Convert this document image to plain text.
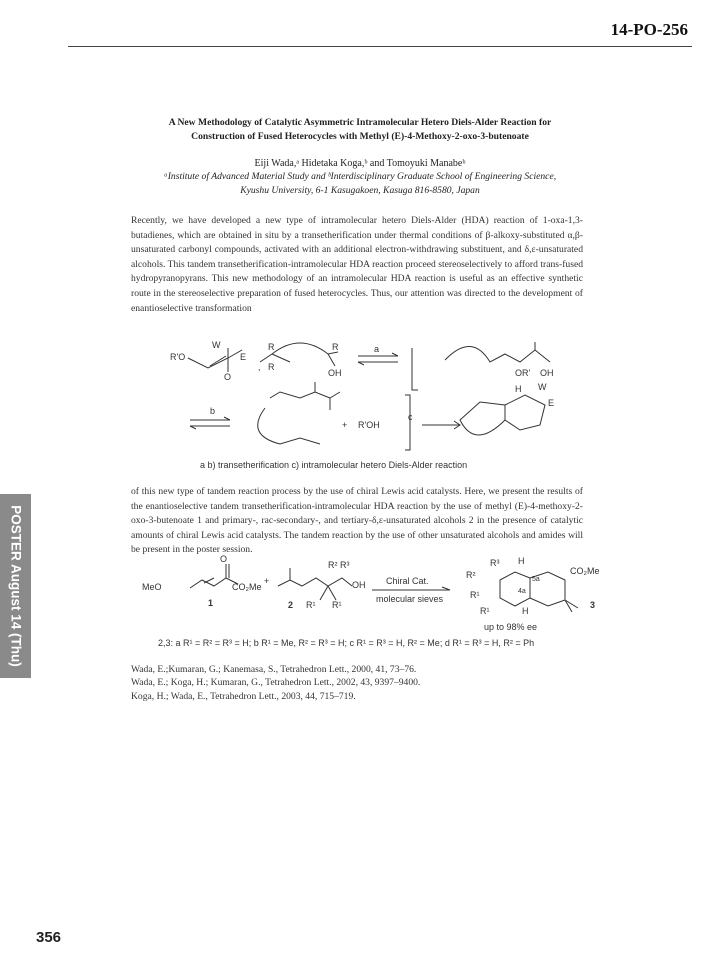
14-PO-256
A New Methodology of Catalytic Asymmetric Intramolecular Hetero Diels-Alder Reaction for
Construction of Fused Heterocycles with Methyl (E)-4-Methoxy-2-oxo-3-butenoate
Eiji Wada,ᵃ Hidetaka Koga,ᵇ and Tomoyuki Manabeᵇ
ᵃInstitute of Advanced Material Study and ᵇInterdisciplinary Graduate School of Engineering Science,
Kyushu University, 6-1 Kasugakoen, Kasuga 816-8580, Japan
Recently, we have developed a new type of intramolecular hetero Diels-Alder (HDA) reaction of 1-oxa-1,3-butadienes, which are obtained in situ by a transetherification under thermal conditions of β-alkoxy-substituted α,β-unsaturated carbonyl compounds, activated with an additional electron-withdrawing substituent, and δ,ε-unsaturated alcohols. This tandem transetherification-intramolecular HDA reaction proceed stereoselectively to afford trans-fused hydropyranopyrans. This new methodology of an intramolecular HDA reaction is useful as an effective synthetic route in the stereoselective preparation of fused heterocycles. Thus, our attention was directed to the development of enantioselective transformation
W
R'O	E
O
,
R
R
R
OH
a
OR' OH
b
+ R'OH
c
H W
E
a b) transetherification c) intramolecular hetero Diels-Alder reaction
of this new type of tandem reaction process by the use of chiral Lewis acid catalysts. Here, we present the results of the enantioselective tandem transetherification-intramolecular HDA reaction by the use of methyl (E)-4-methoxy-2-oxo-3-butenoate 1 and primary-, rac-secondary-, and tertiary-δ,ε-unsaturated alcohols 2 in the presence of catalytic amounts of chiral Lewis acid catalysts. The tandem reaction by the use of other unsaturated alcohols and amides will be present in the poster session.
MeO
O
CO₂Me
1
+
R² R³
OH
2 R¹ R¹
Chiral Cat.
molecular sieves
R³
R²
H
CO₂Me
5a
4a
R¹
R¹	H
3
up to 98% ee
2,3: a R¹ = R² = R³ = H; b R¹ = Me, R² = R³ = H; c R¹ = R³ = H, R² = Me; d R¹ = R³ = H, R² = Ph
Wada, E.;Kumaran, G.; Kanemasa, S., Tetrahedron Lett., 2000, 41, 73–76.
Wada, E.; Koga, H.; Kumaran, G., Tetrahedron Lett., 2002, 43, 9397–9400.
Koga, H.; Wada, E., Tetrahedron Lett., 2003, 44, 715–719.
POSTER August 14 (Thu)
356
